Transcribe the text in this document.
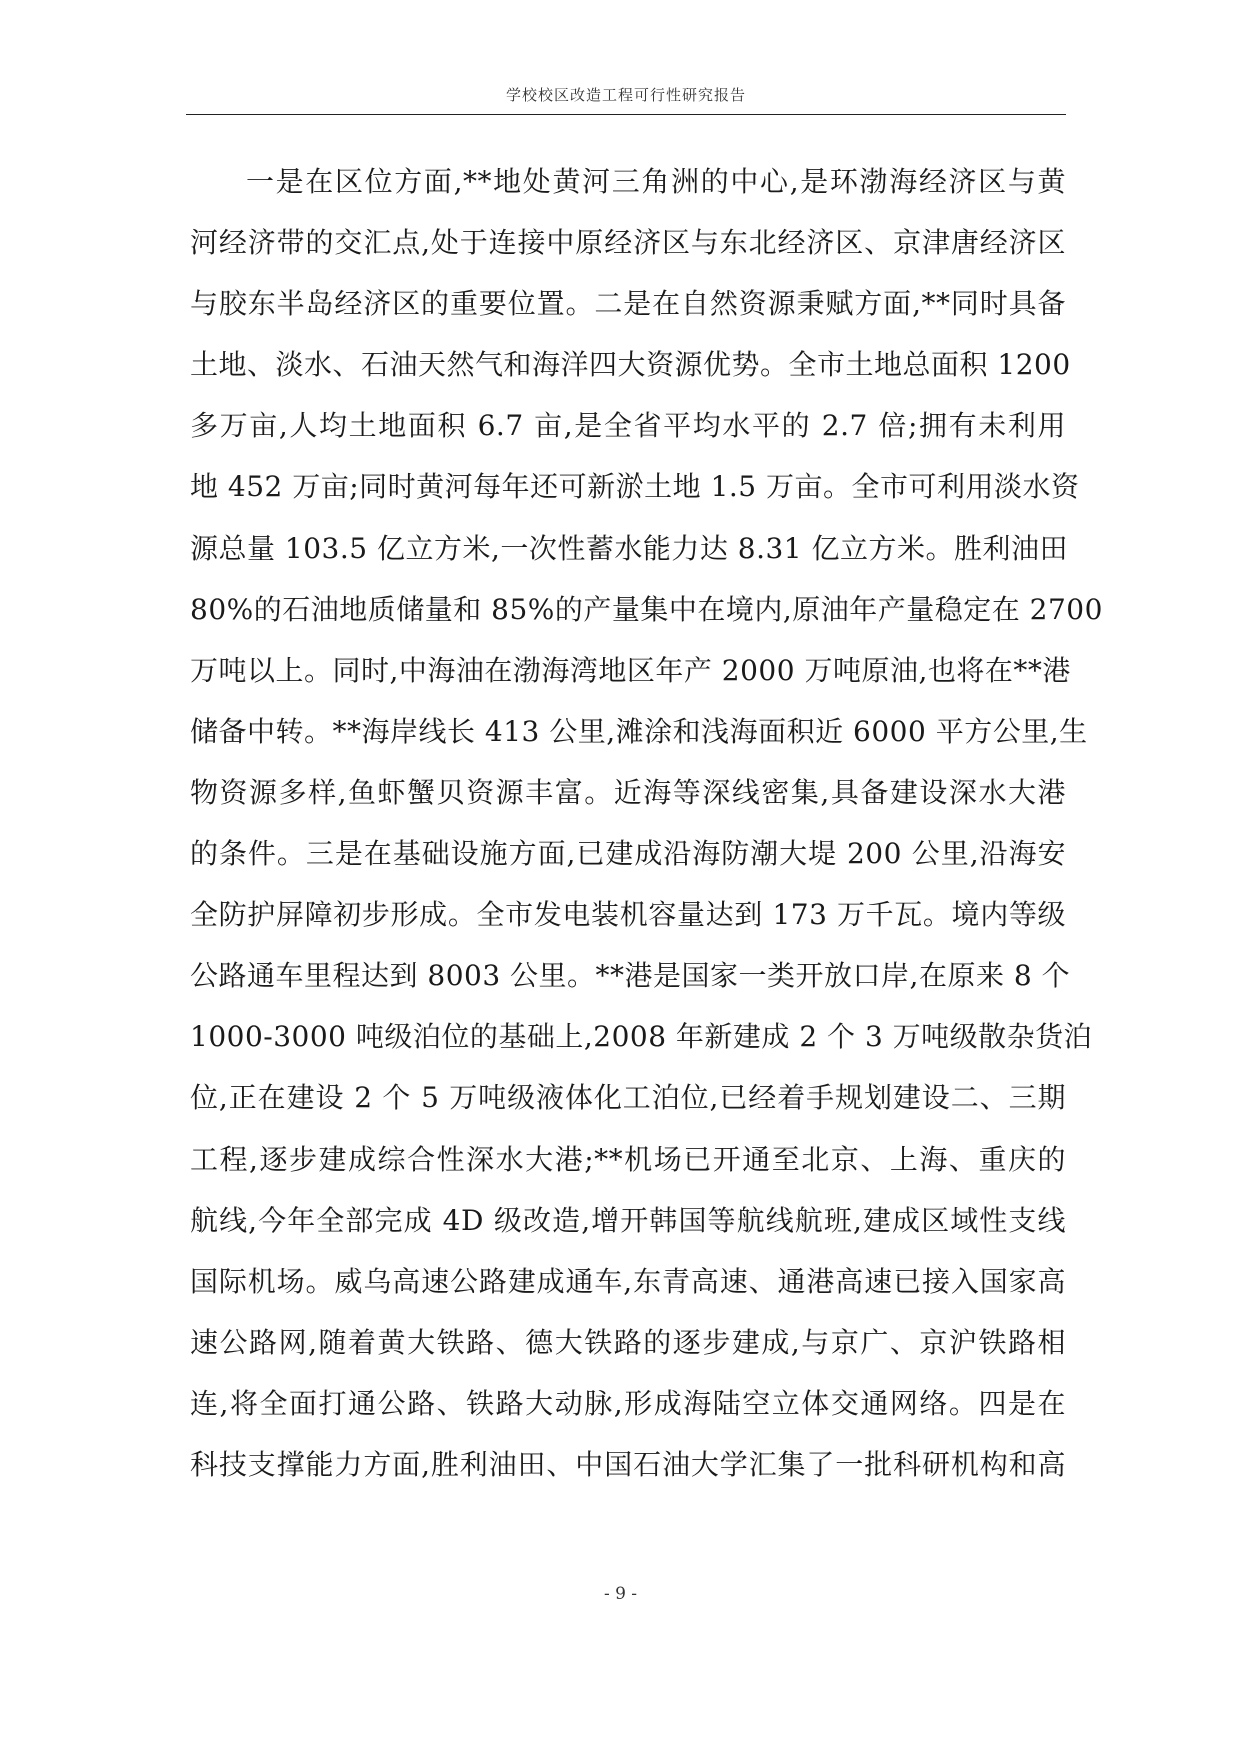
学校校区改造工程可行性研究报告
一是在区位方面,**地处黄河三角洲的中心,是环渤海经济区与黄
河经济带的交汇点,处于连接中原经济区与东北经济区、京津唐经济区
与胶东半岛经济区的重要位置。二是在自然资源秉赋方面,**同时具备
土地、淡水、石油天然气和海洋四大资源优势。全市土地总面积 1200
多万亩,人均土地面积 6.7 亩,是全省平均水平的 2.7 倍;拥有未利用
地 452 万亩;同时黄河每年还可新淤土地 1.5 万亩。全市可利用淡水资
源总量 103.5 亿立方米,一次性蓄水能力达 8.31 亿立方米。胜利油田
80%的石油地质储量和 85%的产量集中在境内,原油年产量稳定在 2700
万吨以上。同时,中海油在渤海湾地区年产 2000 万吨原油,也将在**港
储备中转。**海岸线长 413 公里,滩涂和浅海面积近 6000 平方公里,生
物资源多样,鱼虾蟹贝资源丰富。近海等深线密集,具备建设深水大港
的条件。三是在基础设施方面,已建成沿海防潮大堤 200 公里,沿海安
全防护屏障初步形成。全市发电装机容量达到 173 万千瓦。境内等级
公路通车里程达到 8003 公里。**港是国家一类开放口岸,在原来 8 个
1000-3000 吨级泊位的基础上,2008 年新建成 2 个 3 万吨级散杂货泊
位,正在建设 2 个 5 万吨级液体化工泊位,已经着手规划建设二、三期
工程,逐步建成综合性深水大港;**机场已开通至北京、上海、重庆的
航线,今年全部完成 4D 级改造,增开韩国等航线航班,建成区域性支线
国际机场。威乌高速公路建成通车,东青高速、通港高速已接入国家高
速公路网,随着黄大铁路、德大铁路的逐步建成,与京广、京沪铁路相
连,将全面打通公路、铁路大动脉,形成海陆空立体交通网络。四是在
科技支撑能力方面,胜利油田、中国石油大学汇集了一批科研机构和高
- 9 -
